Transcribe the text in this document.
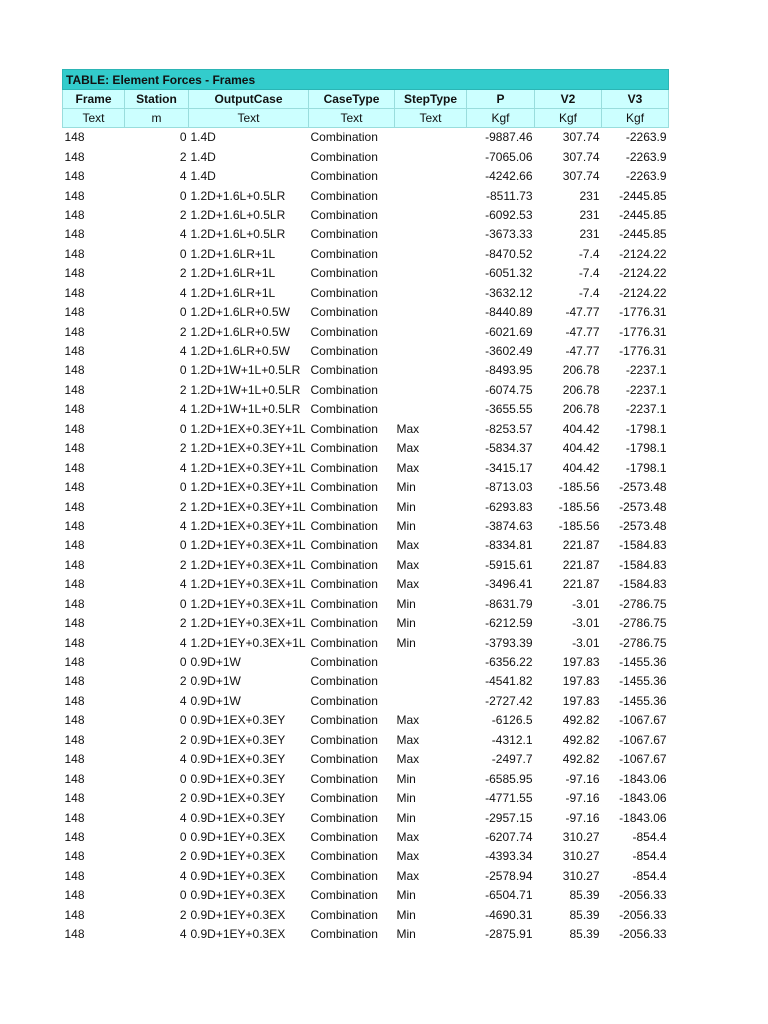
TABLE: Element Forces - Frames							
Frame	Station	OutputCase	CaseType	StepType	P	V2	V3
Text	m	Text	Text	Text	Kgf	Kgf	Kgf
148	0	1.4D	Combination		-9887.46	307.74	-2263.9
148	2	1.4D	Combination		-7065.06	307.74	-2263.9
148	4	1.4D	Combination		-4242.66	307.74	-2263.9
148	0	1.2D+1.6L+0.5LR	Combination		-8511.73	231	-2445.85
148	2	1.2D+1.6L+0.5LR	Combination		-6092.53	231	-2445.85
148	4	1.2D+1.6L+0.5LR	Combination		-3673.33	231	-2445.85
148	0	1.2D+1.6LR+1L	Combination		-8470.52	-7.4	-2124.22
148	2	1.2D+1.6LR+1L	Combination		-6051.32	-7.4	-2124.22
148	4	1.2D+1.6LR+1L	Combination		-3632.12	-7.4	-2124.22
148	0	1.2D+1.6LR+0.5W	Combination		-8440.89	-47.77	-1776.31
148	2	1.2D+1.6LR+0.5W	Combination		-6021.69	-47.77	-1776.31
148	4	1.2D+1.6LR+0.5W	Combination		-3602.49	-47.77	-1776.31
148	0	1.2D+1W+1L+0.5LR	Combination		-8493.95	206.78	-2237.1
148	2	1.2D+1W+1L+0.5LR	Combination		-6074.75	206.78	-2237.1
148	4	1.2D+1W+1L+0.5LR	Combination		-3655.55	206.78	-2237.1
148	0	1.2D+1EX+0.3EY+1L	Combination	Max	-8253.57	404.42	-1798.1
148	2	1.2D+1EX+0.3EY+1L	Combination	Max	-5834.37	404.42	-1798.1
148	4	1.2D+1EX+0.3EY+1L	Combination	Max	-3415.17	404.42	-1798.1
148	0	1.2D+1EX+0.3EY+1L	Combination	Min	-8713.03	-185.56	-2573.48
148	2	1.2D+1EX+0.3EY+1L	Combination	Min	-6293.83	-185.56	-2573.48
148	4	1.2D+1EX+0.3EY+1L	Combination	Min	-3874.63	-185.56	-2573.48
148	0	1.2D+1EY+0.3EX+1L	Combination	Max	-8334.81	221.87	-1584.83
148	2	1.2D+1EY+0.3EX+1L	Combination	Max	-5915.61	221.87	-1584.83
148	4	1.2D+1EY+0.3EX+1L	Combination	Max	-3496.41	221.87	-1584.83
148	0	1.2D+1EY+0.3EX+1L	Combination	Min	-8631.79	-3.01	-2786.75
148	2	1.2D+1EY+0.3EX+1L	Combination	Min	-6212.59	-3.01	-2786.75
148	4	1.2D+1EY+0.3EX+1L	Combination	Min	-3793.39	-3.01	-2786.75
148	0	0.9D+1W	Combination		-6356.22	197.83	-1455.36
148	2	0.9D+1W	Combination		-4541.82	197.83	-1455.36
148	4	0.9D+1W	Combination		-2727.42	197.83	-1455.36
148	0	0.9D+1EX+0.3EY	Combination	Max	-6126.5	492.82	-1067.67
148	2	0.9D+1EX+0.3EY	Combination	Max	-4312.1	492.82	-1067.67
148	4	0.9D+1EX+0.3EY	Combination	Max	-2497.7	492.82	-1067.67
148	0	0.9D+1EX+0.3EY	Combination	Min	-6585.95	-97.16	-1843.06
148	2	0.9D+1EX+0.3EY	Combination	Min	-4771.55	-97.16	-1843.06
148	4	0.9D+1EX+0.3EY	Combination	Min	-2957.15	-97.16	-1843.06
148	0	0.9D+1EY+0.3EX	Combination	Max	-6207.74	310.27	-854.4
148	2	0.9D+1EY+0.3EX	Combination	Max	-4393.34	310.27	-854.4
148	4	0.9D+1EY+0.3EX	Combination	Max	-2578.94	310.27	-854.4
148	0	0.9D+1EY+0.3EX	Combination	Min	-6504.71	85.39	-2056.33
148	2	0.9D+1EY+0.3EX	Combination	Min	-4690.31	85.39	-2056.33
148	4	0.9D+1EY+0.3EX	Combination	Min	-2875.91	85.39	-2056.33
